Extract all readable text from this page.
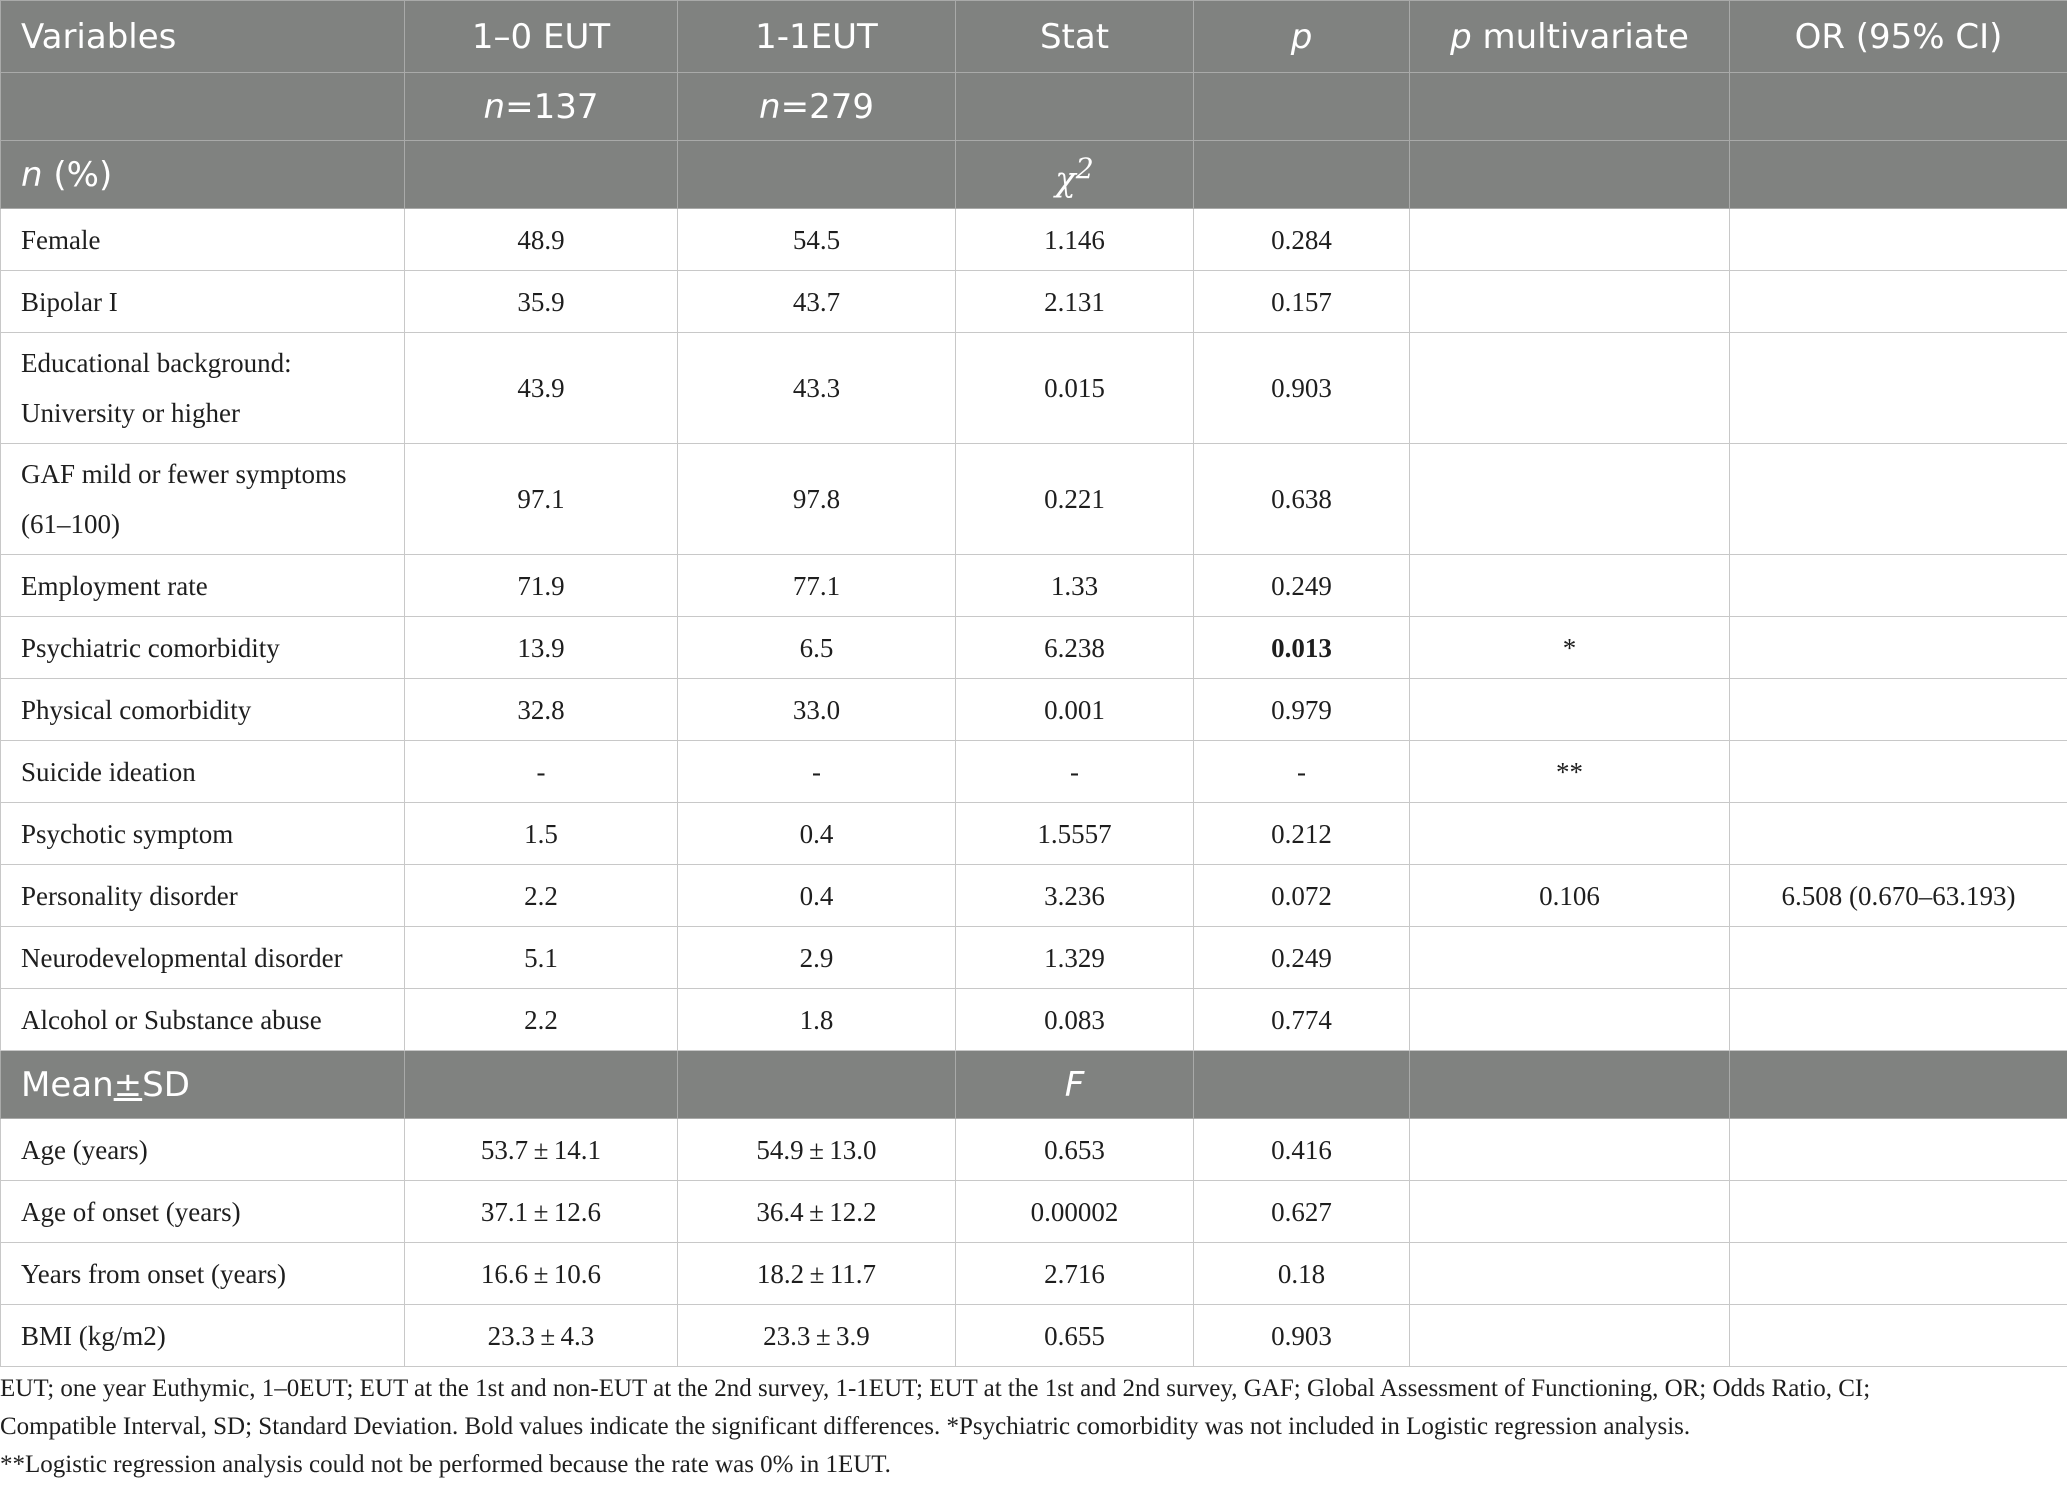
Variables	1–0 EUT	1-1EUT	Stat	p	p multivariate	OR (95% CI)
	n=137	n=279				
n (%)			$\chi^2$			
Female	48.9	54.5	1.146	0.284		
Bipolar I	35.9	43.7	2.131	0.157		
Educational background:
University or higher	43.9	43.3	0.015	0.903		
GAF mild or fewer symptoms
(61–100)	97.1	97.8	0.221	0.638		
Employment rate	71.9	77.1	1.33	0.249		
Psychiatric comorbidity	13.9	6.5	6.238	0.013	*	
Physical comorbidity	32.8	33.0	0.001	0.979		
Suicide ideation	-	-	-	-	**	
Psychotic symptom	1.5	0.4	1.5557	0.212		
Personality disorder	2.2	0.4	3.236	0.072	0.106	6.508 (0.670–63.193)
Neurodevelopmental disorder	5.1	2.9	1.329	0.249		
Alcohol or Substance abuse	2.2	1.8	0.083	0.774		
Mean±SD			F			
Age (years)	53.7 ± 14.1	54.9 ± 13.0	0.653	0.416		
Age of onset (years)	37.1 ± 12.6	36.4 ± 12.2	0.00002	0.627		
Years from onset (years)	16.6 ± 10.6	18.2 ± 11.7	2.716	0.18		
BMI (kg/m2)	23.3 ± 4.3	23.3 ± 3.9	0.655	0.903		

EUT; one year Euthymic, 1–0EUT; EUT at the 1st and non-EUT at the 2nd survey, 1-1EUT; EUT at the 1st and 2nd survey, GAF; Global Assessment of Functioning, OR; Odds Ratio, CI;

Compatible Interval, SD; Standard Deviation. Bold values indicate the significant differences. *Psychiatric comorbidity was not included in Logistic regression analysis.

**Logistic regression analysis could not be performed because the rate was 0% in 1EUT.
